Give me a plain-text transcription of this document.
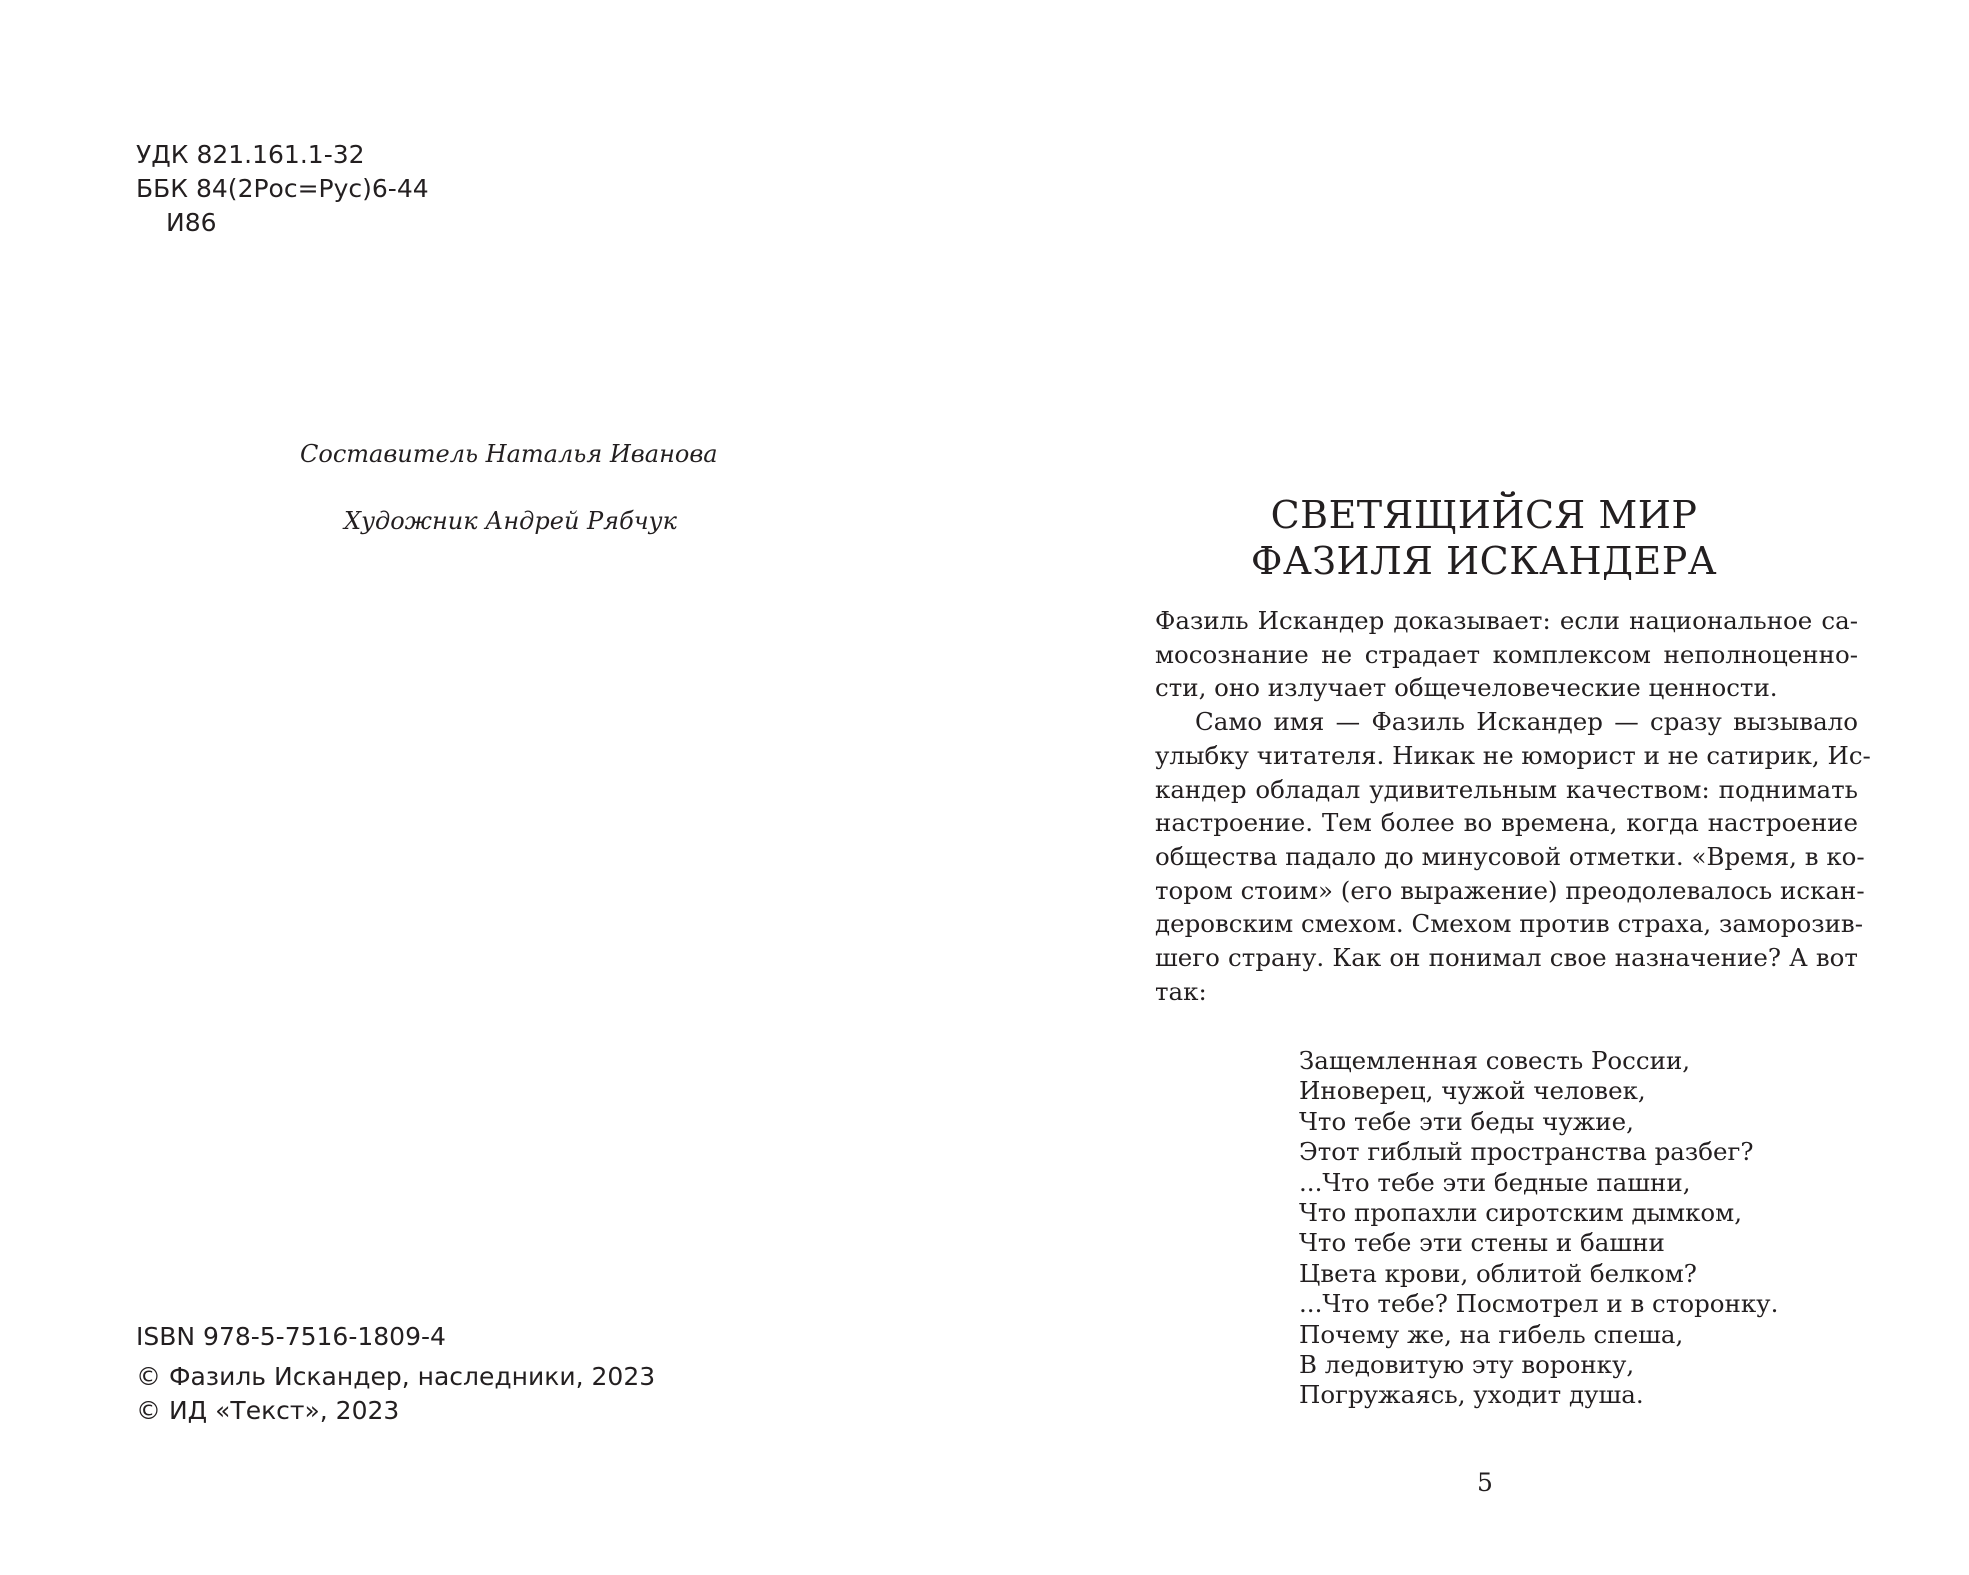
УДК 821.161.1-32
ББК 84(2Рос=Рус)6-44
И86
Составитель Наталья Иванова
Художник Андрей Рябчук
ISBN 978-5-7516-1809-4
© Фазиль Искандер, наследники, 2023
© ИД «Текст», 2023
СВЕТЯЩИЙСЯ МИР
ФАЗИЛЯ ИСКАНДЕРА

Фазиль Искандер доказывает: если национальное са-
мосознание не страдает комплексом неполноценно-
сти, оно излучает общечеловеческие ценности.

Само имя — Фазиль Искандер — сразу вызывало
улыбку читателя. Никак не юморист и не сатирик, Ис-
кандер обладал удивительным качеством: поднимать
настроение. Тем более во времена, когда настроение
общества падало до минусовой отметки. «Время, в ко-
тором стоим» (его выражение) преодолевалось искан-
деровским смехом. Смехом против страха, заморозив-
шего страну. Как он понимал свое назначение? А вот
так:

Защемленная совесть России,
Иноверец, чужой человек,
Что тебе эти беды чужие,
Этот гиблый пространства разбег?
...Что тебе эти бедные пашни,
Что пропахли сиротским дымком,
Что тебе эти стены и башни
Цвета крови, облитой белком?
...Что тебе? Посмотрел и в сторонку.
Почему же, на гибель спеша,
В ледовитую эту воронку,
Погружаясь, уходит душа.
5
